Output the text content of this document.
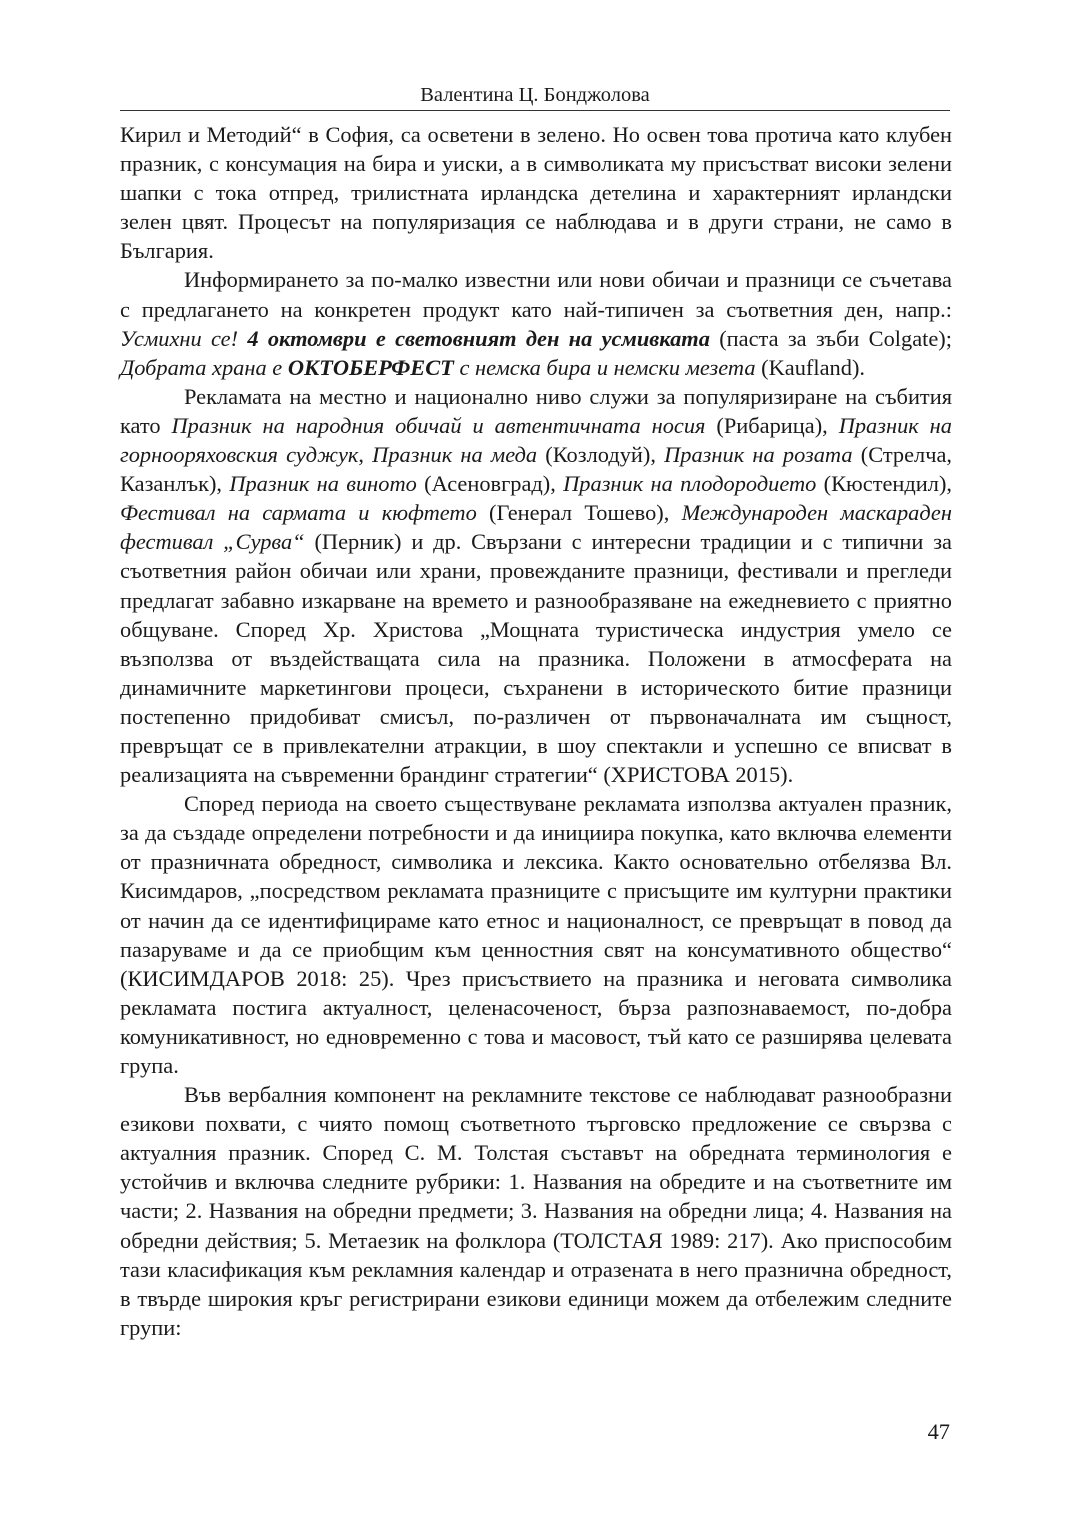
Валентина Ц. Бонджолова

Кирил и Методий“ в София, са осветени в зелено. Но освен това протича като клубен празник, с консумация на бира и уиски, а в символиката му присъстват високи зелени шапки с тока отпред, трилистната ирландска детелина и характерният ирландски зелен цвят. Процесът на популяризация се наблюдава и в други страни, не само в България.

Информирането за по-малко известни или нови обичаи и празници се съчетава с предлагането на конкретен продукт като най-типичен за съответния ден, напр.: Усмихни се! 4 октомври е световният ден на усмивката (паста за зъби Colgate); Добрата храна е ОКТОБЕРФЕСТ с немска бира и немски мезета (Kaufland).

Рекламата на местно и национално ниво служи за популяризиране на събития като Празник на народния обичай и автентичната носия (Рибарица), Празник на горнооряховския суджук, Празник на меда (Козлодуй), Празник на розата (Стрелча, Казанлък), Празник на виното (Асеновград), Празник на плодородието (Кюстендил), Фестивал на сармата и кюфтето (Генерал Тошево), Международен маскараден фестивал „Сурва“ (Перник) и др. Свързани с интересни традиции и с типични за съответния район обичаи или храни, провежданите празници, фестивали и прегледи предлагат забавно изкарване на времето и разнообразяване на ежедневието с приятно общуване. Според Хр. Христова „Мощната туристическа индустрия умело се възползва от въздействащата сила на празника. Положени в атмосферата на динамичните маркетингови процеси, съхранени в историческото битие празници постепенно придобиват смисъл, по-различен от първоначалната им същност, превръщат се в привлекателни атракции, в шоу спектакли и успешно се вписват в реализацията на съвременни брандинг стратегии“ (ХРИСТОВА 2015).

Според периода на своето съществуване рекламата използва актуален празник, за да създаде определени потребности и да инициира покупка, като включва елементи от празничната обредност, символика и лексика. Както основательно отбелязва Вл. Кисимдаров, „посредством рекламата празниците с присъщите им културни практики от начин да се идентифицираме като етнос и националност, се превръщат в повод да пазаруваме и да се приобщим към ценностния свят на консумативното общество“ (КИСИМДАРОВ 2018: 25). Чрез присъствието на празника и неговата символика рекламата постига актуалност, целенасоченост, бърза разпознаваемост, по-добра комуникативност, но едновременно с това и масовост, тъй като се разширява целевата група.

Във вербалния компонент на рекламните текстове се наблюдават разнообразни езикови похвати, с чиято помощ съответното търговско предложение се свързва с актуалния празник. Според С. М. Толстая съставът на обредната терминология е устойчив и включва следните рубрики: 1. Названия на обредите и на съответните им части; 2. Названия на обредни предмети; 3. Названия на обредни лица; 4. Названия на обредни действия; 5. Метаезик на фолклора (ТОЛСТАЯ 1989: 217). Ако приспособим тази класификация към рекламния календар и отразената в него празнична обредност, в твърде широкия кръг регистрирани езикови единици можем да отбележим следните групи:

47
